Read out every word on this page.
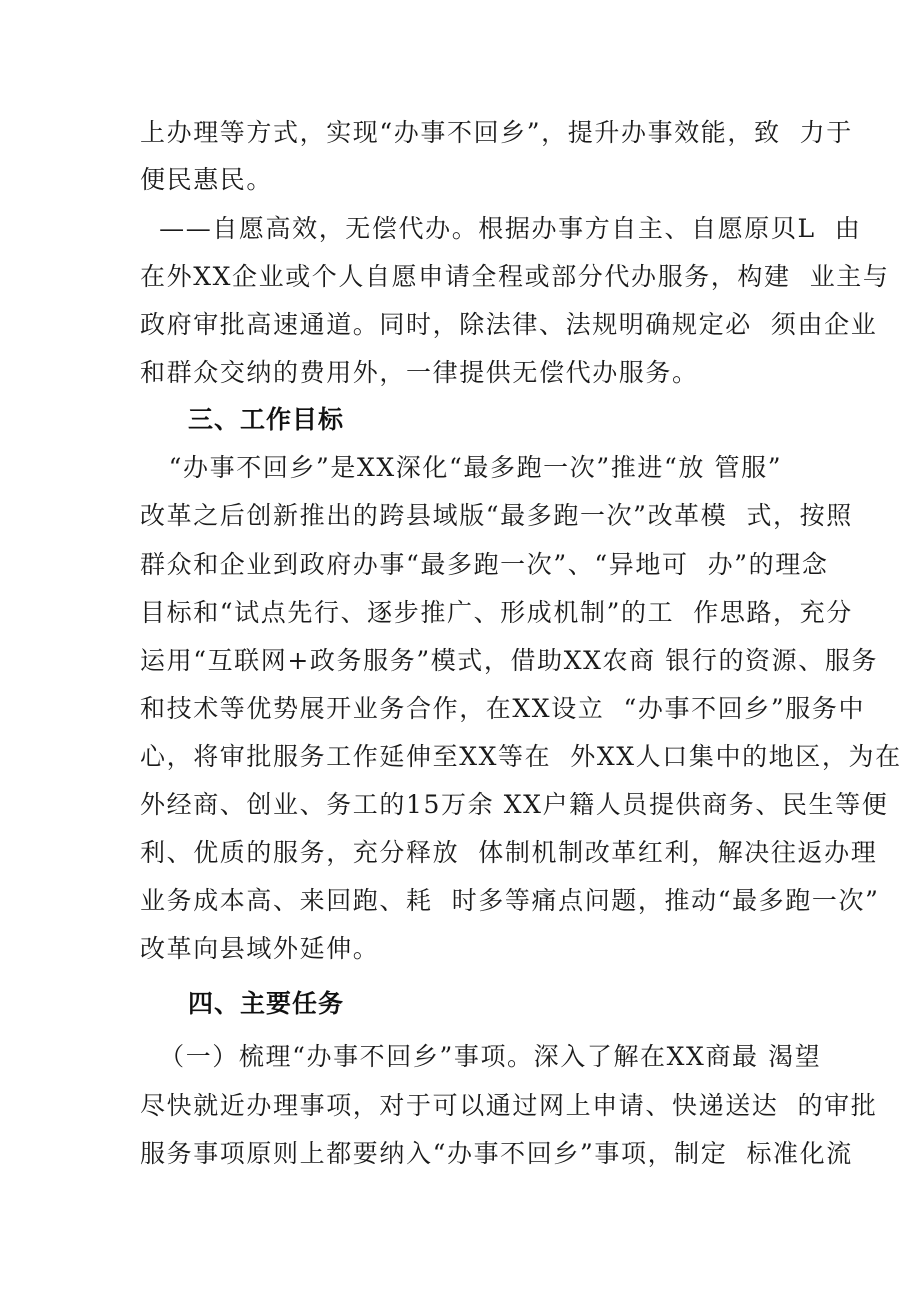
上办理等方式，实现“办事不回乡”，提升办事效能，致  力于
便民惠民。
——自愿高效，无偿代办。根据办事方自主、自愿原贝L  由
在外XX企业或个人自愿申请全程或部分代办服务，构建  业主与
政府审批高速通道。同时，除法律、法规明确规定必  须由企业
和群众交纳的费用外，一律提供无偿代办服务。
三、工作目标
“办事不回乡”是XX深化“最多跑一次”推进“放 管服”
改革之后创新推出的跨县域版“最多跑一次”改革模  式，按照
群众和企业到政府办事“最多跑一次”、“异地可  办”的理念
目标和“试点先行、逐步推广、形成机制”的工  作思路，充分
运用“互联网+政务服务”模式，借助XX农商 银行的资源、服务
和技术等优势展开业务合作，在XX设立  “办事不回乡”服务中
心，将审批服务工作延伸至XX等在  外XX人口集中的地区，为在
外经商、创业、务工的15万余 XX户籍人员提供商务、民生等便
利、优质的服务，充分释放  体制机制改革红利，解决往返办理
业务成本高、来回跑、耗  时多等痛点问题，推动“最多跑一次”
改革向县域外延伸。
四、主要任务
（一）梳理“办事不回乡”事项。深入了解在XX商最 渴望
尽快就近办理事项，对于可以通过网上申请、快递送达  的审批
服务事项原则上都要纳入“办事不回乡”事项，制定  标准化流
